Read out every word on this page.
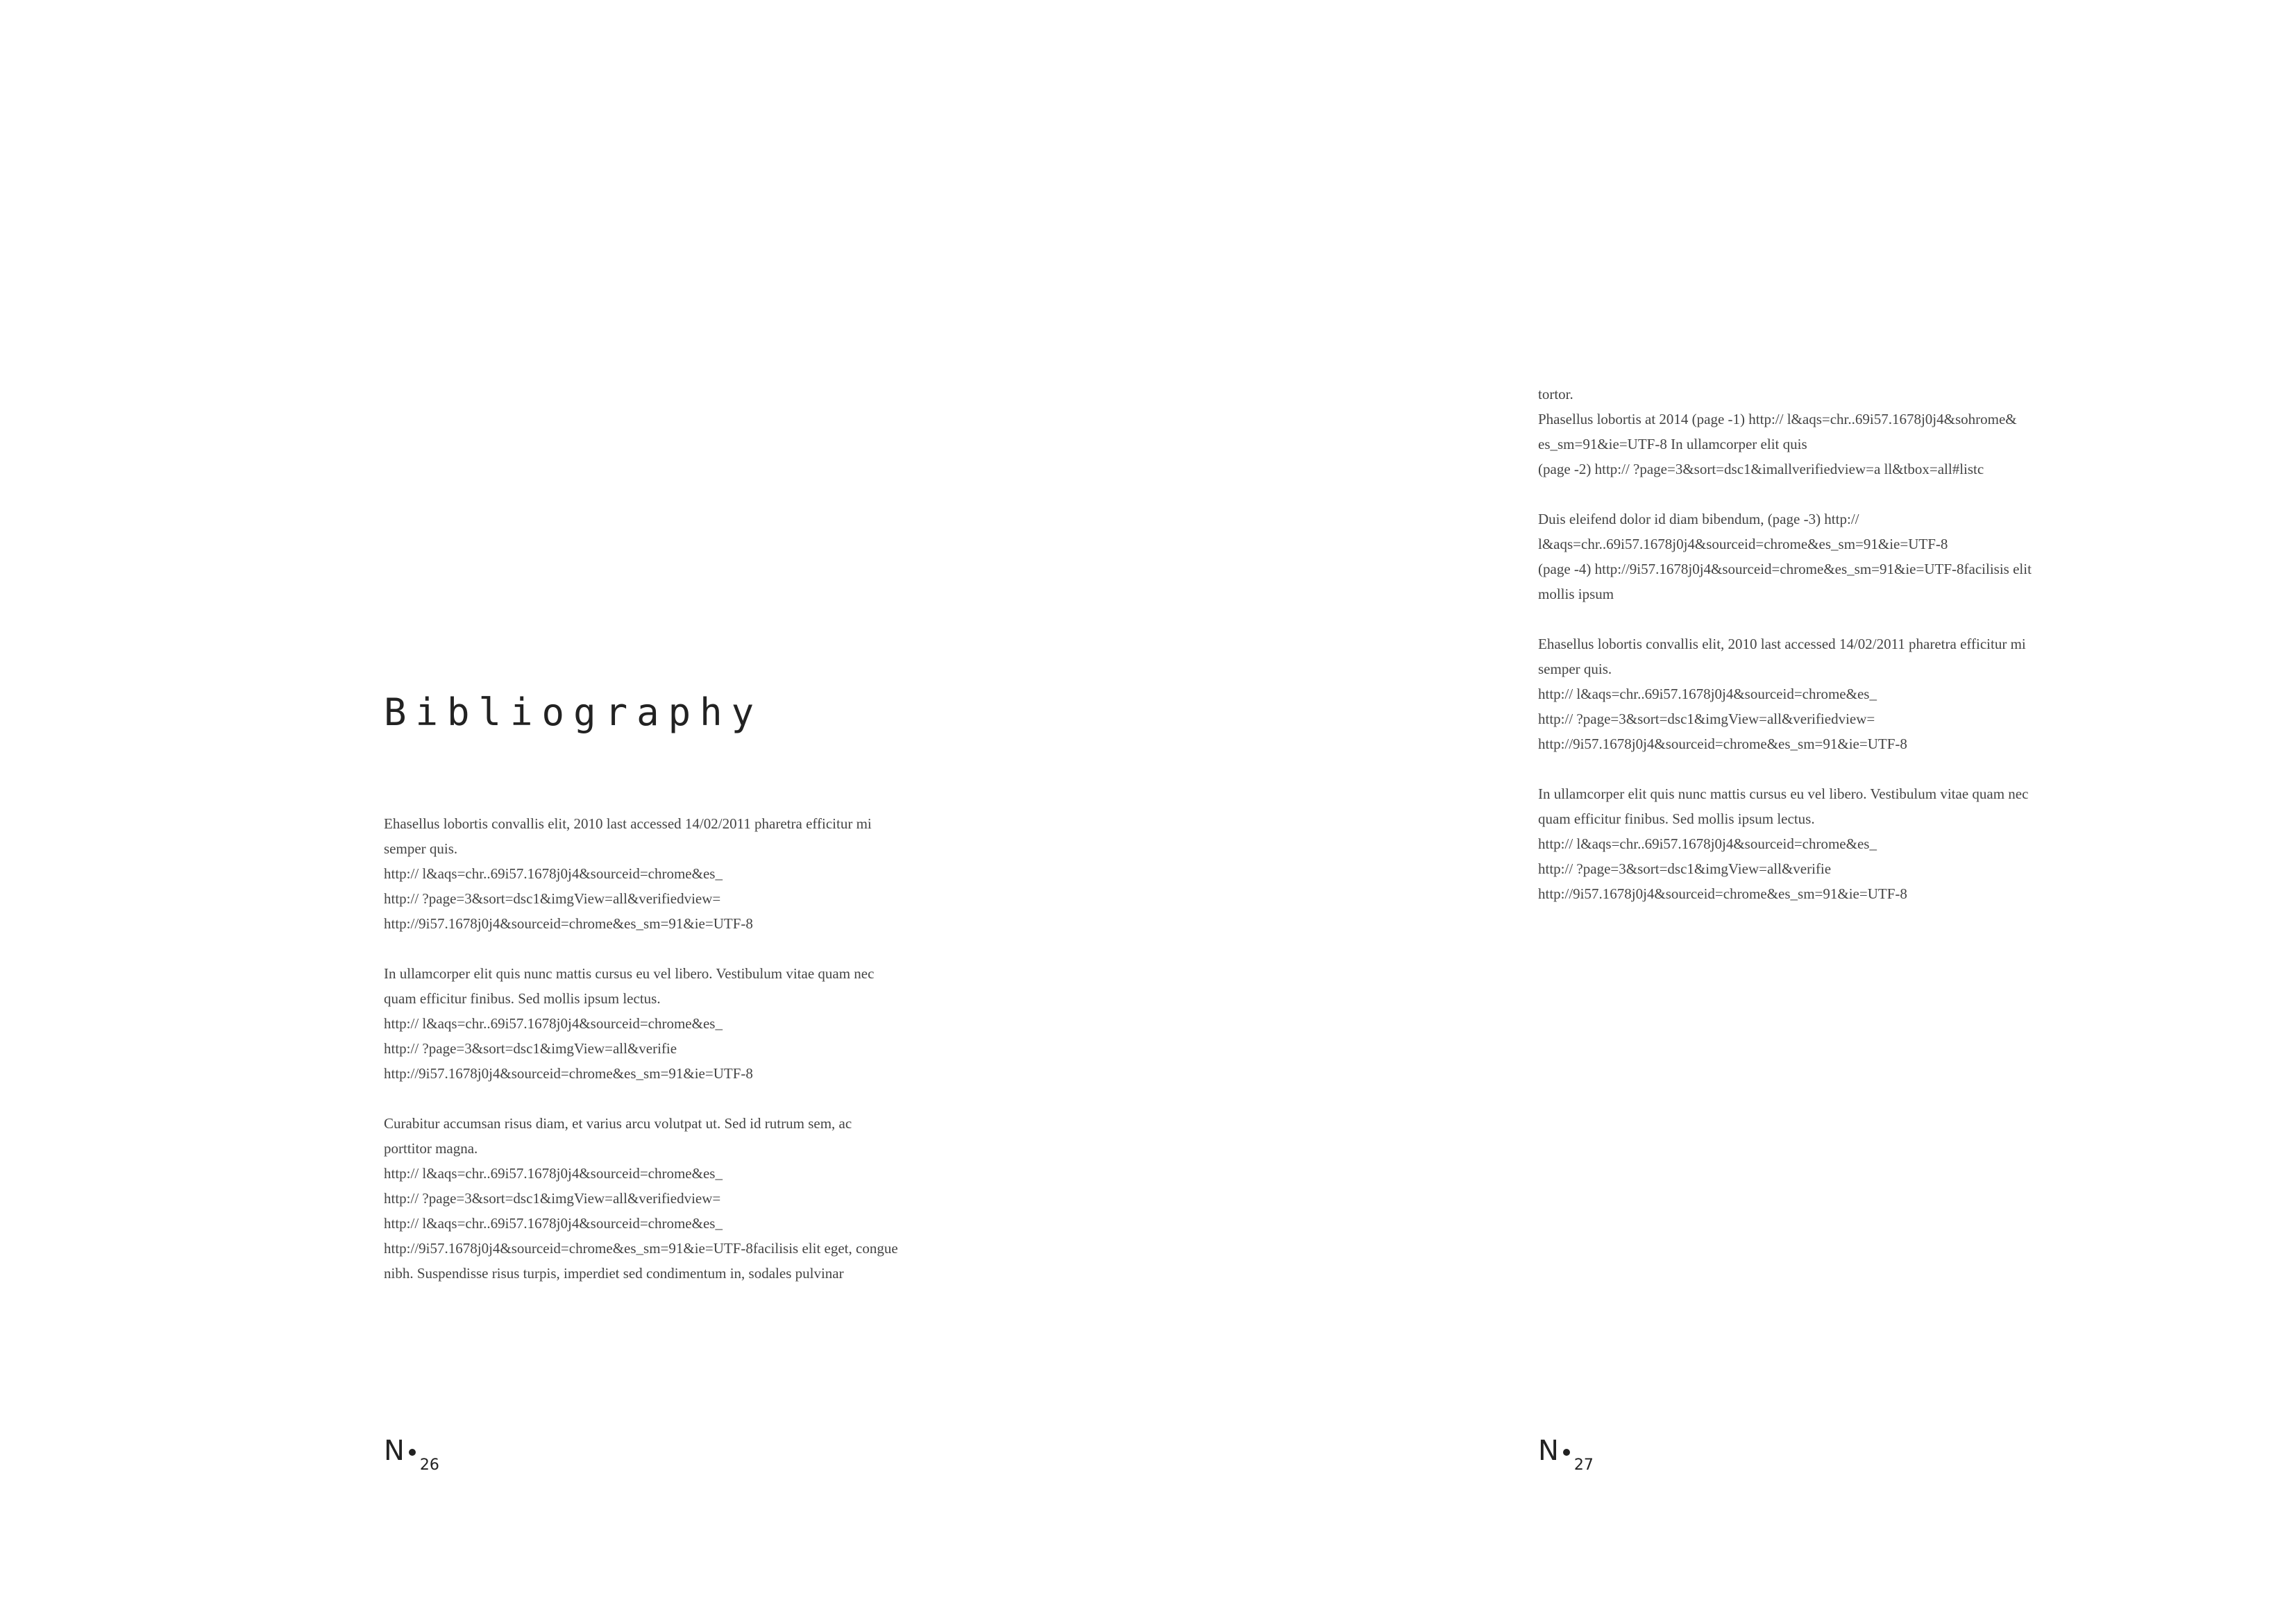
Bibliography

Ehasellus lobortis convallis elit, 2010 last accessed 14/02/2011 pharetra efficitur mi
semper quis.
http:// l&aqs=chr..69i57.1678j0j4&sourceid=chrome&es_
http:// ?page=3&sort=dsc1&imgView=all&verifiedview=
http://9i57.1678j0j4&sourceid=chrome&es_sm=91&ie=UTF-8

In ullamcorper elit quis nunc mattis cursus eu vel libero. Vestibulum vitae quam nec
quam efficitur finibus. Sed mollis ipsum lectus.
http:// l&aqs=chr..69i57.1678j0j4&sourceid=chrome&es_
http:// ?page=3&sort=dsc1&imgView=all&verifie
http://9i57.1678j0j4&sourceid=chrome&es_sm=91&ie=UTF-8

Curabitur accumsan risus diam, et varius arcu volutpat ut. Sed id rutrum sem, ac
porttitor magna.
http:// l&aqs=chr..69i57.1678j0j4&sourceid=chrome&es_
http:// ?page=3&sort=dsc1&imgView=all&verifiedview=
http:// l&aqs=chr..69i57.1678j0j4&sourceid=chrome&es_
http://9i57.1678j0j4&sourceid=chrome&es_sm=91&ie=UTF-8facilisis elit eget, congue
nibh. Suspendisse risus turpis, imperdiet sed condimentum in, sodales pulvinar

tortor.
Phasellus lobortis at 2014 (page -1) http:// l&aqs=chr..69i57.1678j0j4&sohrome&
es_sm=91&ie=UTF-8 In ullamcorper elit quis
(page -2) http:// ?page=3&sort=dsc1&imallverifiedview=a ll&tbox=all#listc

Duis eleifend dolor id diam bibendum, (page -3) http://
l&aqs=chr..69i57.1678j0j4&sourceid=chrome&es_sm=91&ie=UTF-8
(page -4) http://9i57.1678j0j4&sourceid=chrome&es_sm=91&ie=UTF-8facilisis elit
mollis ipsum

Ehasellus lobortis convallis elit, 2010 last accessed 14/02/2011 pharetra efficitur mi
semper quis.
http:// l&aqs=chr..69i57.1678j0j4&sourceid=chrome&es_
http:// ?page=3&sort=dsc1&imgView=all&verifiedview=
http://9i57.1678j0j4&sourceid=chrome&es_sm=91&ie=UTF-8

In ullamcorper elit quis nunc mattis cursus eu vel libero. Vestibulum vitae quam nec
quam efficitur finibus. Sed mollis ipsum lectus.
http:// l&aqs=chr..69i57.1678j0j4&sourceid=chrome&es_
http:// ?page=3&sort=dsc1&imgView=all&verifie
http://9i57.1678j0j4&sourceid=chrome&es_sm=91&ie=UTF-8

N 26	N 27
